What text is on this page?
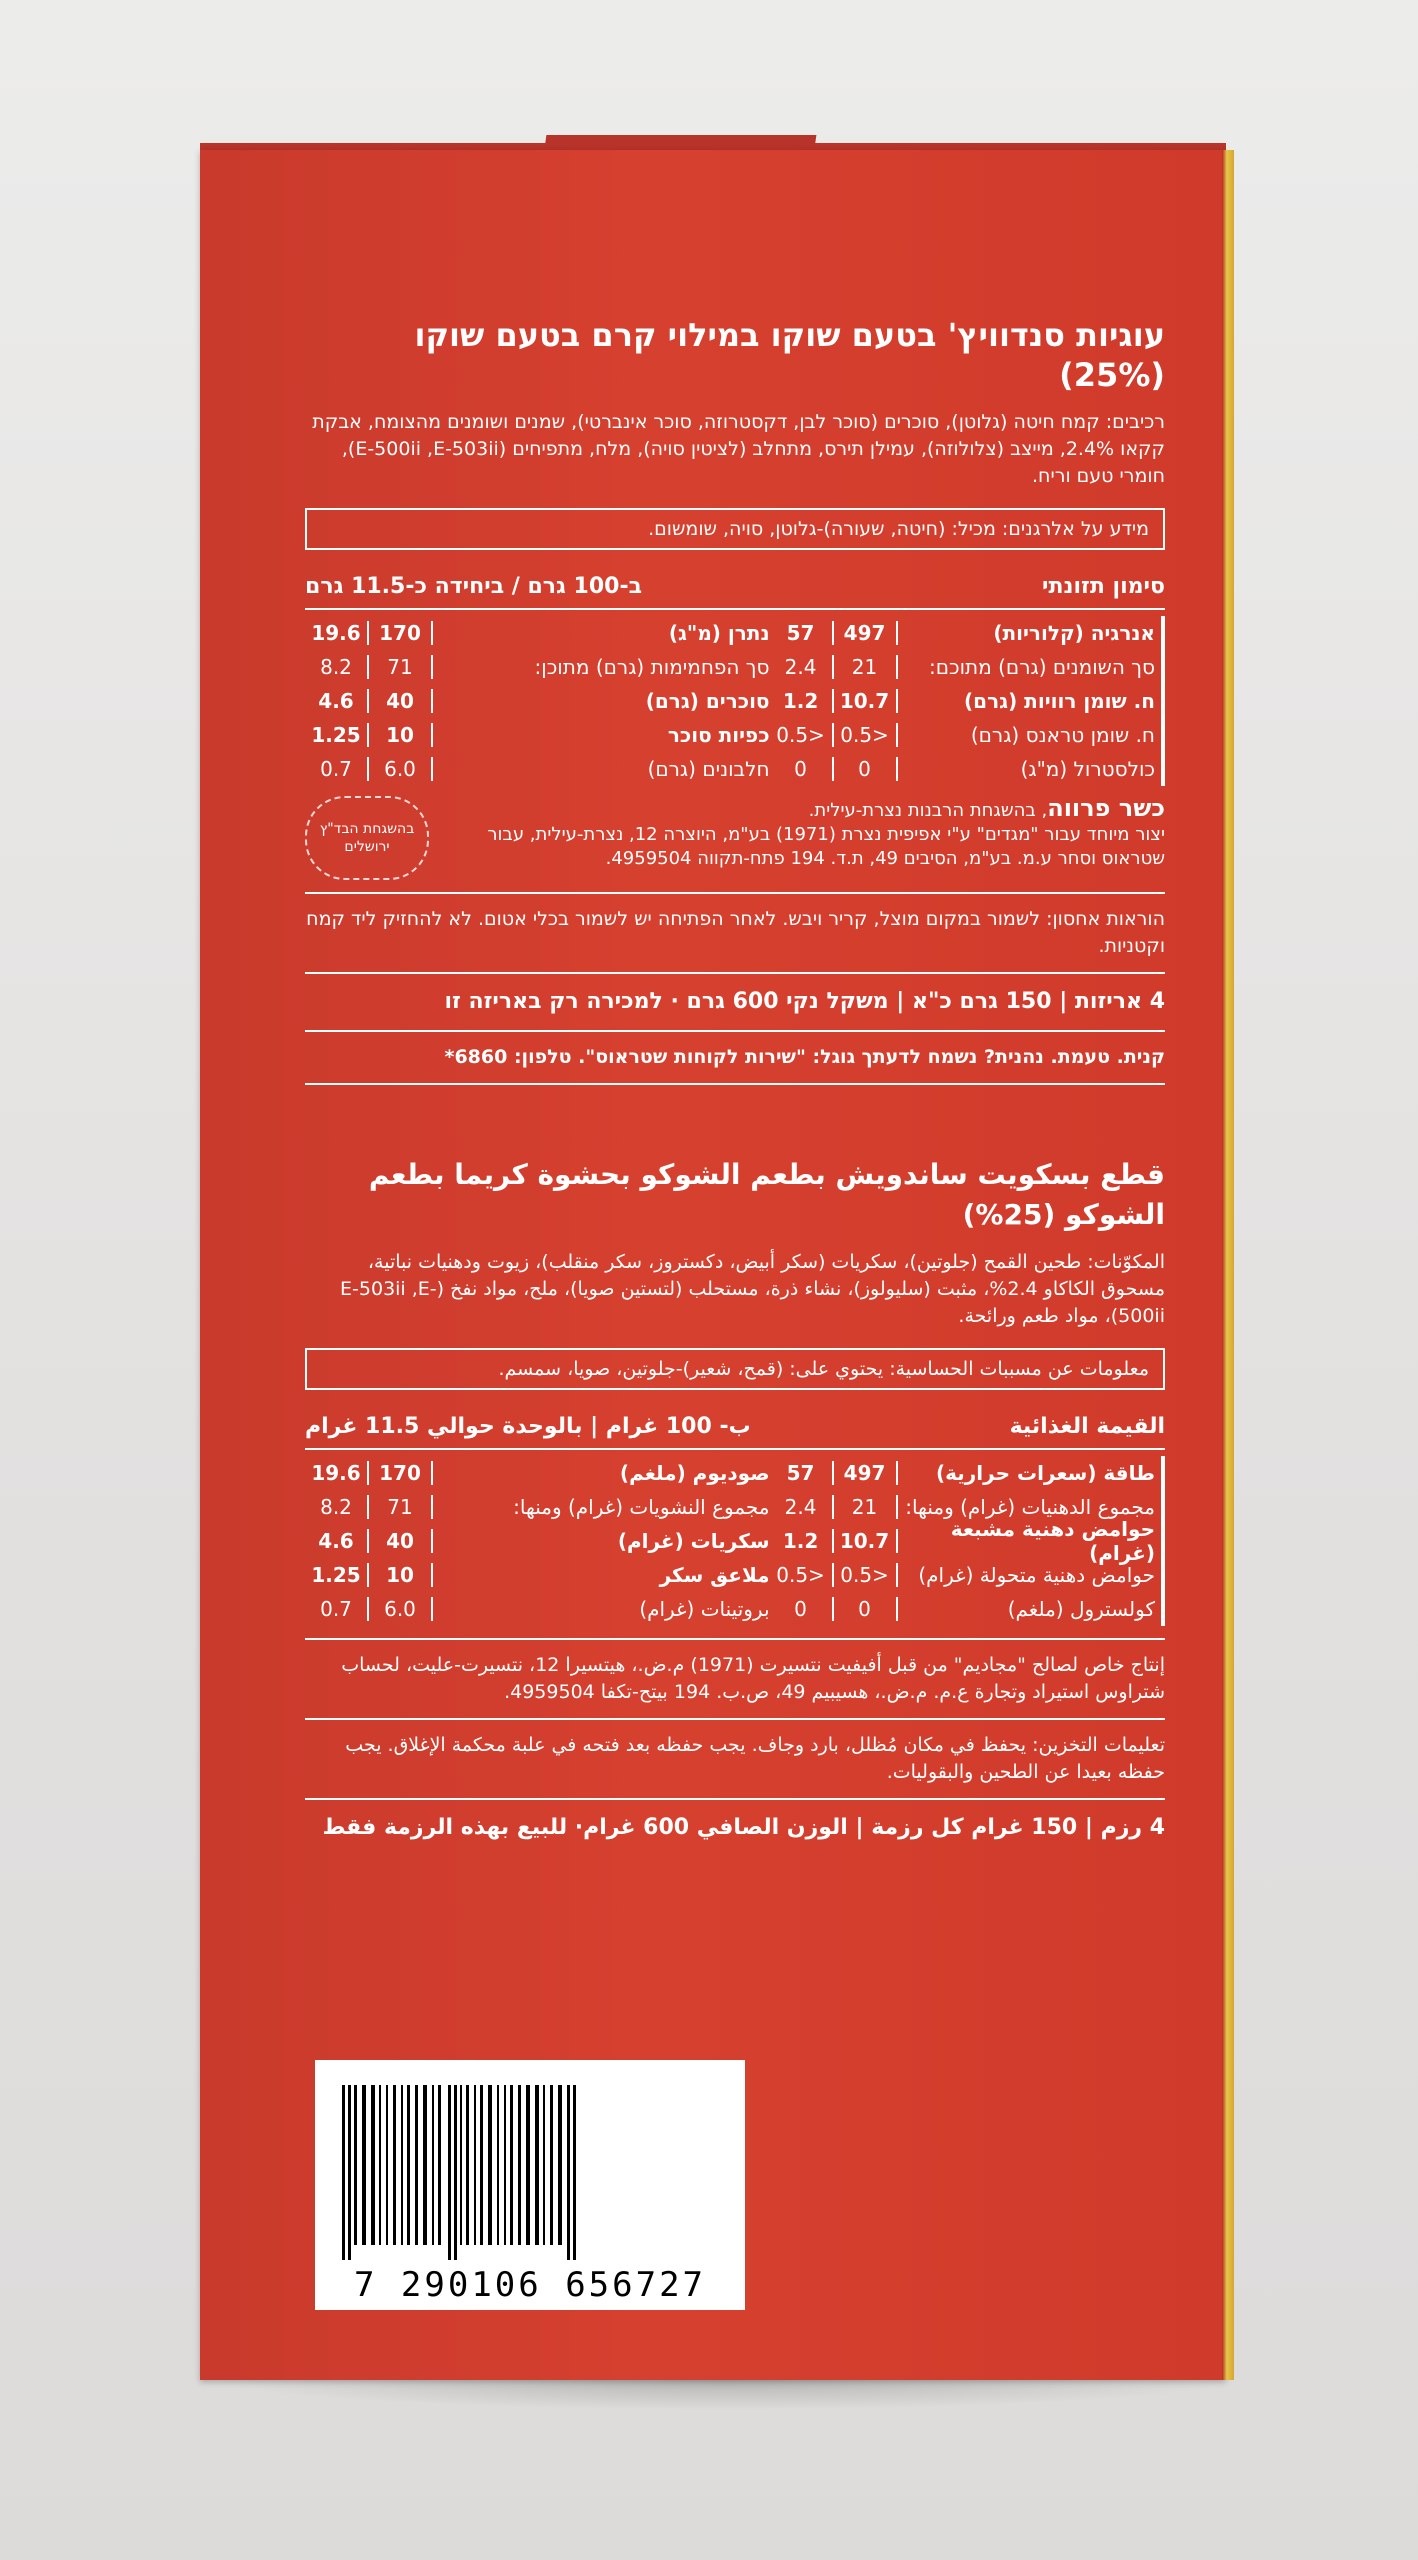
עוגיות סנדוויץ' בטעם שוקו במילוי קרם בטעם שוקו (25%)

רכיבים: קמח חיטה (גלוטן), סוכרים (סוכר לבן, דקסטרוזה, סוכר אינברטי), שמנים ושומנים מהצומח, אבקת קקאו 2.4%, מייצב (צלולוזה), עמילן תירס, מתחלב (לציטין סויה), מלח, מתפיחים (E-500ii ,E-503ii), חומרי טעם וריח.

מידע על אלרגנים: מכיל: (חיטה, שעורה)-גלוטן, סויה, שומשום.
סימון תזונתי
ב-100 גרם / ביחידה כ-11.5 גרם
אנרגיה (קלוריות)
497
57
סך השומנים (גרם) מתוכם:
21
2.4
ח. שומן רוויות (גרם)
10.7
1.2
ח. שומן טראנס (גרם)
<0.5
<0.5
כולסטרול (מ"ג)
0
0
נתרן (מ"ג)
170
19.6
סך הפחמימות (גרם) מתוכן:
71
8.2
סוכרים (גרם)
40
4.6
כפיות סוכר
10
1.25
חלבונים (גרם)
6.0
0.7
כשר פרווה, בהשגחת הרבנות נצרת-עילית.
יצור מיוחד עבור "מגדים" ע"י אפיפית נצרת (1971) בע"מ, היוצרה 12, נצרת-עילית, עבור שטראוס וסחר ע.מ. בע"מ, הסיבים 49, ת.ד. 194 פתח-תקווה 4959504.
בהשגחת הבד"ץ ירושלים

הוראות אחסון: לשמור במקום מוצל, קריר ויבש. לאחר הפתיחה יש לשמור בכלי אטום. לא להחזיק ליד קמח וקטניות.

4 אריזות | 150 גרם כ"א | משקל נקי 600 גרם · למכירה רק באריזה זו

קנית. טעמת. נהנית? נשמח לדעתך גוגל: "שירות לקוחות שטראוס". טלפון: 6860*

قطع بسكويت ساندويش بطعم الشوكو بحشوة كريما بطعم الشوكو (25%)

المكوّنات: طحين القمح (جلوتين)، سكريات (سكر أبيض، دكستروز، سكر منقلب)، زيوت ودهنيات نباتية، مسحوق الكاكاو 2.4%، مثبت (سليولوز)، نشاء ذرة، مستحلب (لتستين صويا)، ملح، مواد نفخ (E-503ii ,E-500ii)، مواد طعم ورائحة.

معلومات عن مسببات الحساسية: يحتوي على: (قمح، شعير)-جلوتين، صويا، سمسم.
القيمة الغذائية
ب- 100 غرام | بالوحدة حوالي 11.5 غرام
طاقة (سعرات حرارية)
497
57
مجموع الدهنيات (غرام) ومنها:
21
2.4
حوامض دهنية مشبعة (غرام)
10.7
1.2
حوامض دهنية متحولة (غرام)
<0.5
<0.5
كولسترول (ملغم)
0
0
صوديوم (ملغم)
170
19.6
مجموع النشويات (غرام) ومنها:
71
8.2
سكريات (غرام)
40
4.6
ملاعق سكر
10
1.25
بروتينات (غرام)
6.0
0.7

إنتاج خاص لصالح "مجاديم" من قبل أفيفيت نتسيرت (1971) م.ض.، هيتسيرا 12، نتسيرت-عليت، لحساب شتراوس استيراد وتجارة ع.م. م.ض.، هسيبيم 49، ص.ب. 194 بيتح-تكفا 4959504.

تعليمات التخزين: يحفظ في مكان مُظلل، بارد وجاف. يجب حفظه بعد فتحه في علبة محكمة الإغلاق. يجب حفظه بعيدا عن الطحين والبقوليات.

4 رزم | 150 غرام كل رزمة | الوزن الصافي 600 غرام· للبيع بهذه الرزمة فقط
7 290106 656727
